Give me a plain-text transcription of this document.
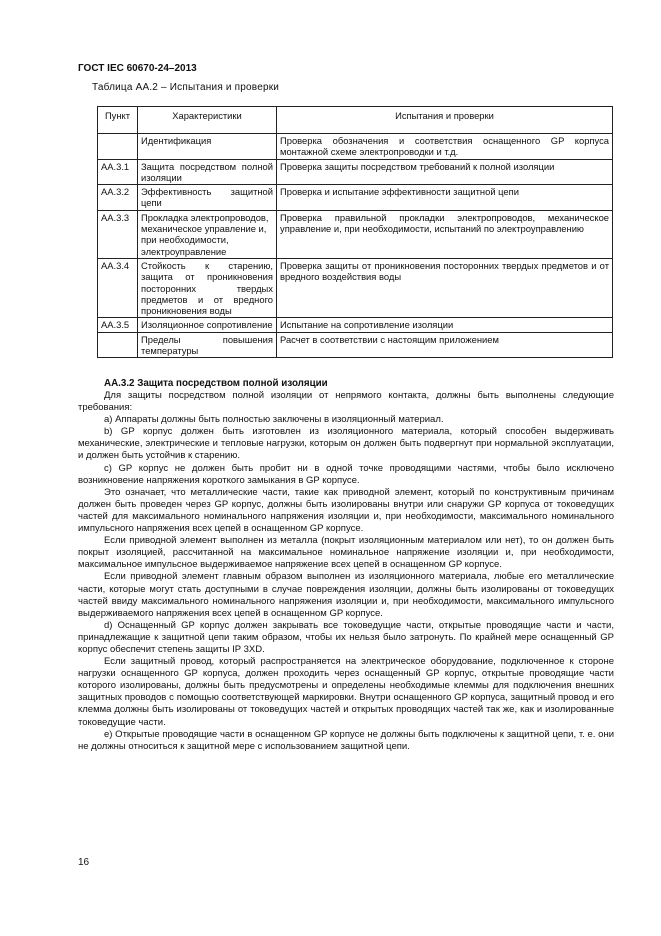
ГОСТ IEC 60670-24–2013
Таблица АА.2 – Испытания и проверки
Пункт	Характеристики	Испытания и проверки
	Идентификация	Проверка обозначения и соответствия оснащенного GP корпуса монтажной схеме электропроводки и т.д.
АА.3.1	Защита посредством полной изоляции	Проверка защиты посредством требований к полной изоляции
АА.3.2	Эффективность защитной цепи	Проверка и испытание эффективности защитной цепи
АА.3.3	Прокладка электропроводов, механическое управление и, при необходимости, электроуправление	Проверка правильной прокладки электропроводов, механическое управление и, при необходимости, испытаний по электроуправлению
АА.3.4	Стойкость к старению, защита от проникновения посторонних твердых предметов и от вредного проникновения воды	Проверка защиты от проникновения посторонних твердых предметов и от вредного воздействия воды
АА.3.5	Изоляционное сопротивление	Испытание на сопротивление изоляции
	Пределы повышения температуры	Расчет в соответствии с настоящим приложением
АА.3.2 Защита посредством полной изоляции

Для защиты посредством полной изоляции от непрямого контакта, должны быть выполнены следующие требования:

а) Аппараты должны быть полностью заключены в изоляционный материал.

b) GP корпус должен быть изготовлен из изоляционного материала, который способен выдерживать механические, электрические и тепловые нагрузки, которым он должен быть подвергнут при нормальной эксплуатации, и должен быть устойчив к старению.

с) GP корпус не должен быть пробит ни в одной точке проводящими частями, чтобы было исключено возникновение напряжения короткого замыкания в GP корпусе.

Это означает, что металлические части, такие как приводной элемент, который по конструктивным причинам должен быть проведен через GP корпус, должны быть изолированы внутри или снаружи GP корпуса от токоведущих частей для максимального номинального напряжения изоляции и, при необходимости, максимального номинального импульсного напряжения всех цепей в оснащенном GP корпусе.

Если приводной элемент выполнен из металла (покрыт изоляционным материалом или нет), то он должен быть покрыт изоляцией, рассчитанной на максимальное номинальное напряжение изоляции и, при необходимости, максимальное импульсное выдерживаемое напряжение всех цепей в оснащенном GP корпусе.

Если приводной элемент главным образом выполнен из изоляционного материала, любые его металлические части, которые могут стать доступными в случае повреждения изоляции, должны быть изолированы от токоведущих частей ввиду максимального номинального напряжения изоляции и, при необходимости, максимального импульсного выдерживаемого напряжения всех цепей в оснащенном GP корпусе.

d) Оснащенный GP корпус должен закрывать все токоведущие части, открытые проводящие части и части, принадлежащие к защитной цепи таким образом, чтобы их нельзя было затронуть. По крайней мере оснащенный GP корпус обеспечит степень защиты IP 3XD.

Если защитный провод, который распространяется на электрическое оборудование, подключенное к стороне нагрузки оснащенного GP корпуса, должен проходить через оснащенный GP корпус, открытые проводящие части которого изолированы, должны быть предусмотрены и определены необходимые клеммы для подключения внешних защитных проводов с помощью соответствующей маркировки. Внутри оснащенного GP корпуса, защитный провод и его клемма должны быть изолированы от токоведущих частей и открытых проводящих частей так же, как и изолированные токоведущие части.

е) Открытые проводящие части в оснащенном GP корпусе не должны быть подключены к защитной цепи, т. е. они не должны относиться к защитной мере с использованием защитной цепи.

16
